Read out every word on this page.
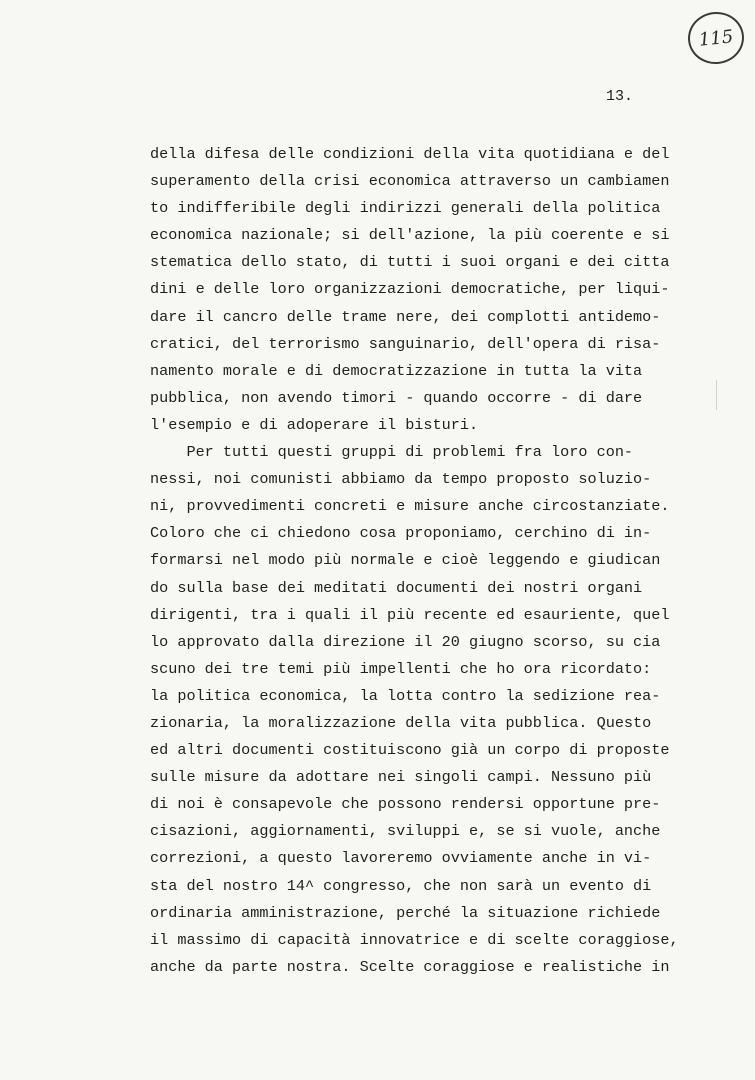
115
13.
della difesa delle condizioni della vita quotidiana e del
superamento della crisi economica attraverso un cambiamen
to indifferibile degli indirizzi generali della politica
economica nazionale; si dell'azione, la più coerente e si
stematica dello stato, di tutti i suoi organi e dei citta
dini e delle loro organizzazioni democratiche, per liqui-
dare il cancro delle trame nere, dei complotti antidemo-
cratici, del terrorismo sanguinario, dell'opera di risa-
namento morale e di democratizzazione in tutta la vita
pubblica, non avendo timori - quando occorre - di dare
l'esempio e di adoperare il bisturi.
Per tutti questi gruppi di problemi fra loro con-
nessi, noi comunisti abbiamo da tempo proposto soluzio-
ni, provvedimenti concreti e misure anche circostanziate.
Coloro che ci chiedono cosa proponiamo, cerchino di in-
formarsi nel modo più normale e cioè leggendo e giudican
do sulla base dei meditati documenti dei nostri organi
dirigenti, tra i quali il più recente ed esauriente, quel
lo approvato dalla direzione il 20 giugno scorso, su cia
scuno dei tre temi più impellenti che ho ora ricordato:
la politica economica, la lotta contro la sedizione rea-
zionaria, la moralizzazione della vita pubblica. Questo
ed altri documenti costituiscono già un corpo di proposte
sulle misure da adottare nei singoli campi. Nessuno più
di noi è consapevole che possono rendersi opportune pre-
cisazioni, aggiornamenti, sviluppi e, se si vuole, anche
correzioni, a questo lavoreremo ovviamente anche in vi-
sta del nostro 14^ congresso, che non sarà un evento di
ordinaria amministrazione, perché la situazione richiede
il massimo di capacità innovatrice e di scelte coraggiose,
anche da parte nostra. Scelte coraggiose e realistiche in
